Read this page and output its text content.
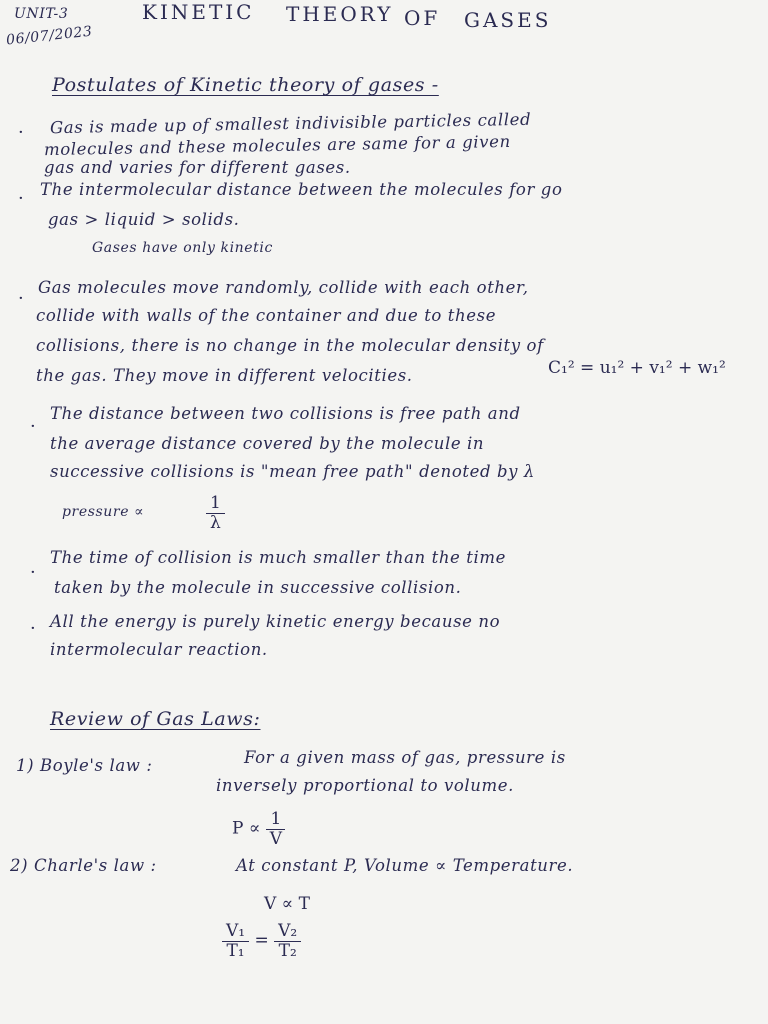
UNIT-3
06/07/2023
KINETIC THEORY OF GASES
Postulates of Kinetic theory of gases -
· Gas is made up of smallest indivisible particles called
molecules and these molecules are same for a given
gas and varies for different gases.
· The intermolecular distance between the molecules for go
gas > liquid > solids.
Gases have only kinetic
·
Gas molecules move randomly, collide with each other,
collide with walls of the container and due to these
collisions, there is no change in the molecular density of
the gas. They move in different velocities.	C₁² = u₁² + v₁² + w₁²
·
The distance between two collisions is free path and
the average distance covered by the molecule in
successive collisions is "mean free path" denoted by λ
pressure ∝	$\frac{1}{\lambda}$
·
The time of collision is much smaller than the time
taken by the molecule in successive collision.
· All the energy is purely kinetic energy because no
intermolecular reaction.
Review of Gas Laws:
1) Boyle's law :	For a given mass of gas, pressure is
inversely proportional to volume.
$P \propto \frac{1}{V}$
2) Charle's law :	At constant P, Volume ∝ Temperature.
V ∝ T
$\frac{\text{V₁}}{\text{T₁}} = \frac{\text{V₂}}{\text{T₂}}$
